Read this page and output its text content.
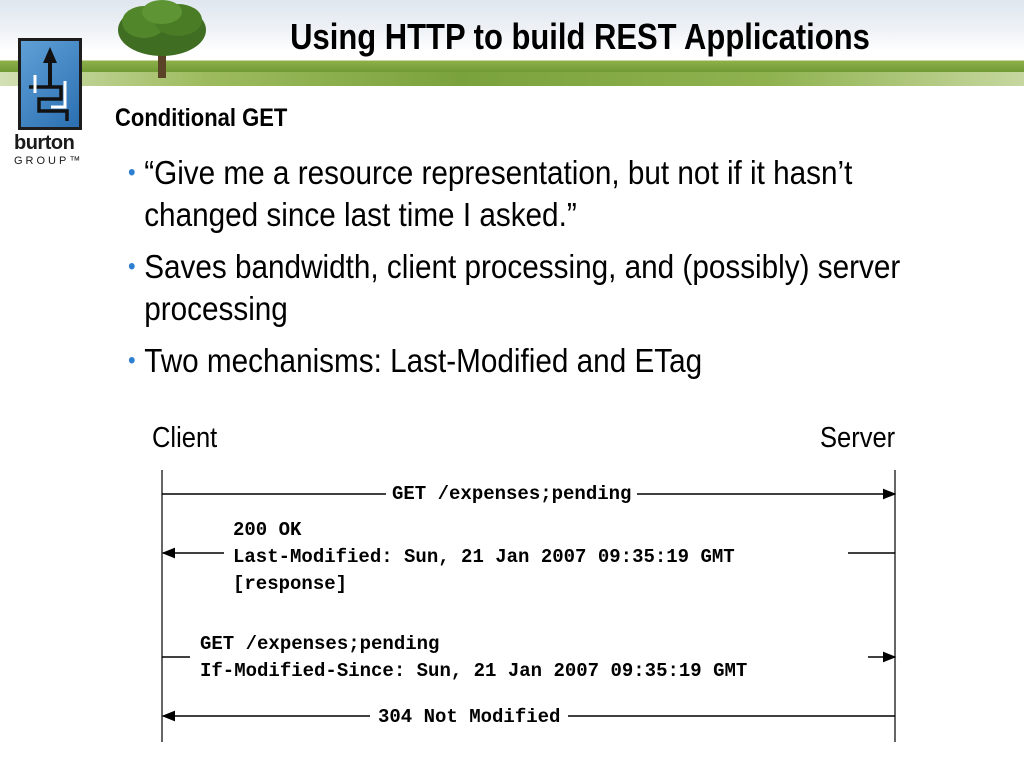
burton
GROUP™
Using HTTP to build REST Applications
Conditional GET
• “Give me a resource representation, but not if it hasn’t changed since last time I asked.”
• Saves bandwidth, client processing, and (possibly) server processing
• Two mechanisms: Last-Modified and ETag
Client	Server
GET /expenses;pending
200 OK
Last-Modified: Sun, 21 Jan 2007 09:35:19 GMT
[response]
GET /expenses;pending
If-Modified-Since: Sun, 21 Jan 2007 09:35:19 GMT
304 Not Modified
